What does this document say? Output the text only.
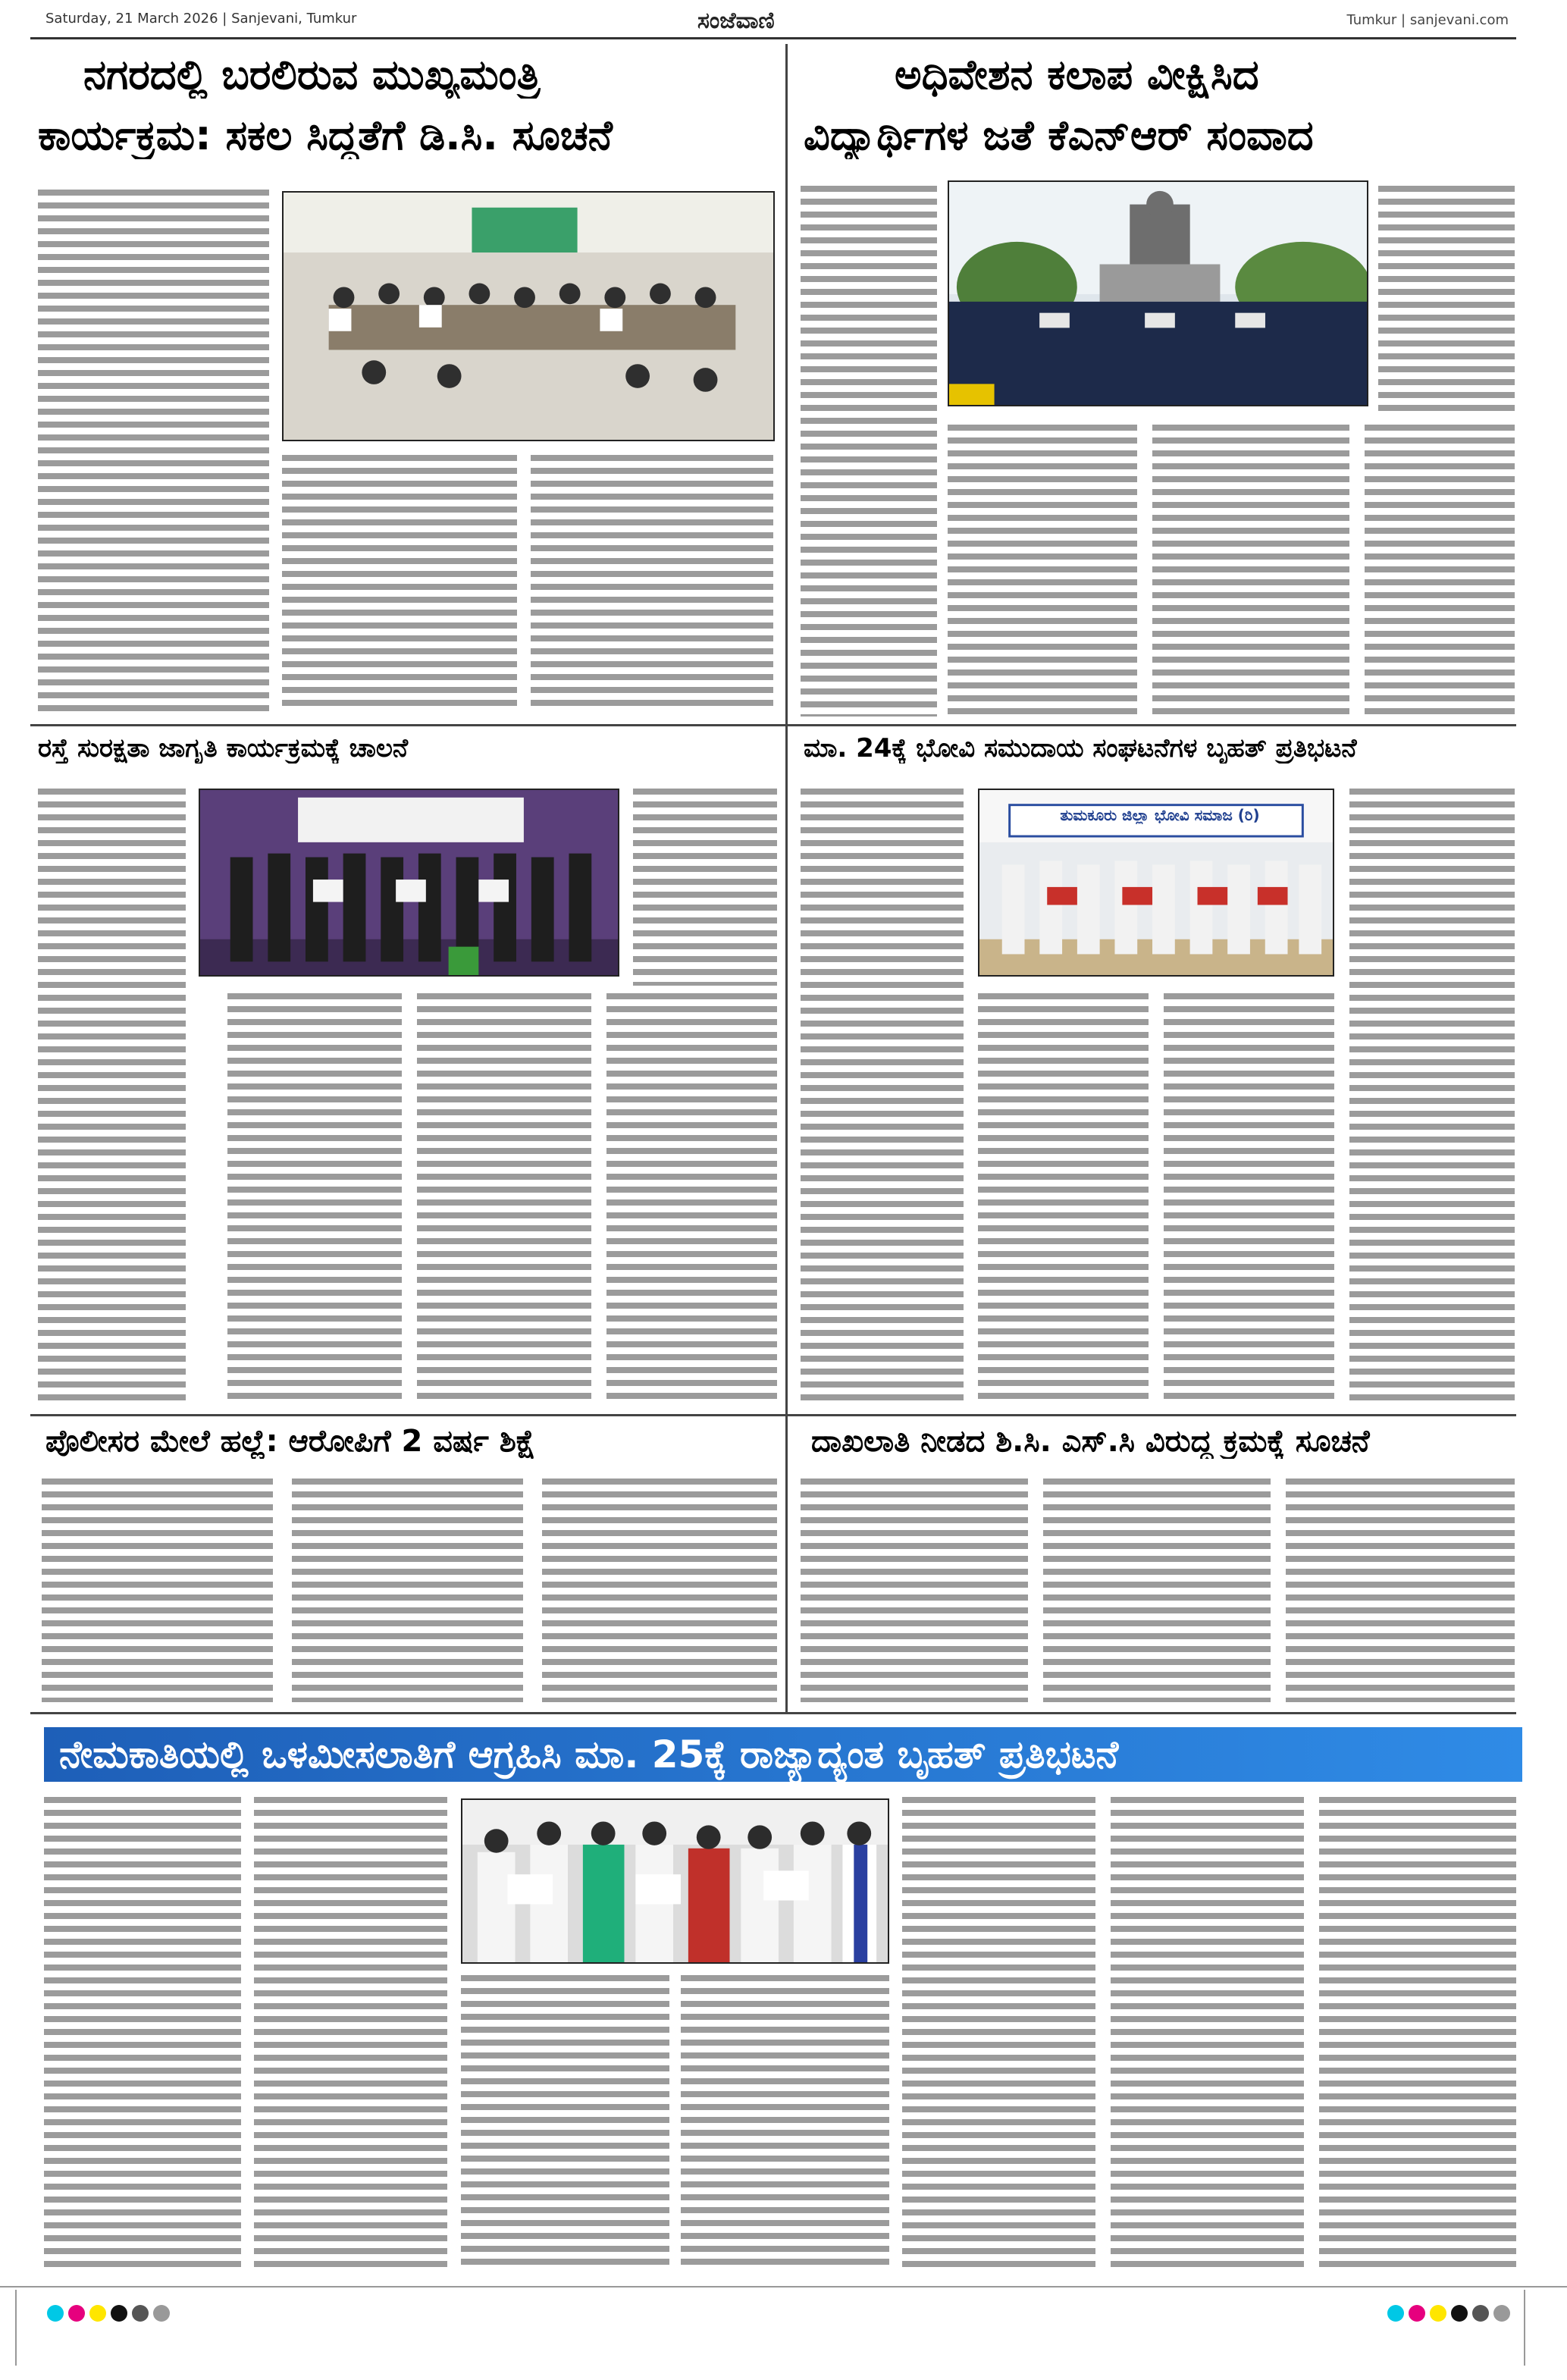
Saturday, 21 March 2026 | Sanjevani, Tumkur	ಸಂಜೆವಾಣಿ	Tumkur | sanjevani.com
ನಗರದಲ್ಲಿ ಬರಲಿರುವ ಮುಖ್ಯಮಂತ್ರಿ
ಕಾರ್ಯಕ್ರಮ: ಸಕಲ ಸಿದ್ಧತೆಗೆ ಡಿ.ಸಿ. ಸೂಚನೆ
ಅಧಿವೇಶನ ಕಲಾಪ ವೀಕ್ಷಿಸಿದ
ವಿದ್ಯಾರ್ಥಿಗಳ ಜತೆ ಕೆಎನ್‌ಆರ್ ಸಂವಾದ
ರಸ್ತೆ ಸುರಕ್ಷತಾ ಜಾಗೃತಿ ಕಾರ್ಯಕ್ರಮಕ್ಕೆ ಚಾಲನೆ	ಮಾ. 24ಕ್ಕೆ ಭೋವಿ ಸಮುದಾಯ ಸಂಘಟನೆಗಳ ಬೃಹತ್ ಪ್ರತಿಭಟನೆ
ತುಮಕೂರು ಜಿಲ್ಲಾ ಭೋವಿ ಸಮಾಜ (ರಿ)
ಪೊಲೀಸರ ಮೇಲೆ ಹಲ್ಲೆ: ಆರೋಪಿಗೆ 2 ವರ್ಷ ಶಿಕ್ಷೆ	ದಾಖಲಾತಿ ನೀಡದ ಶಿ.ಸಿ. ಎಸ್.ಸಿ ವಿರುದ್ಧ ಕ್ರಮಕ್ಕೆ ಸೂಚನೆ
ನೇಮಕಾತಿಯಲ್ಲಿ ಒಳಮೀಸಲಾತಿಗೆ ಆಗ್ರಹಿಸಿ ಮಾ. 25ಕ್ಕೆ ರಾಜ್ಯಾದ್ಯಂತ ಬೃಹತ್ ಪ್ರತಿಭಟನೆ
